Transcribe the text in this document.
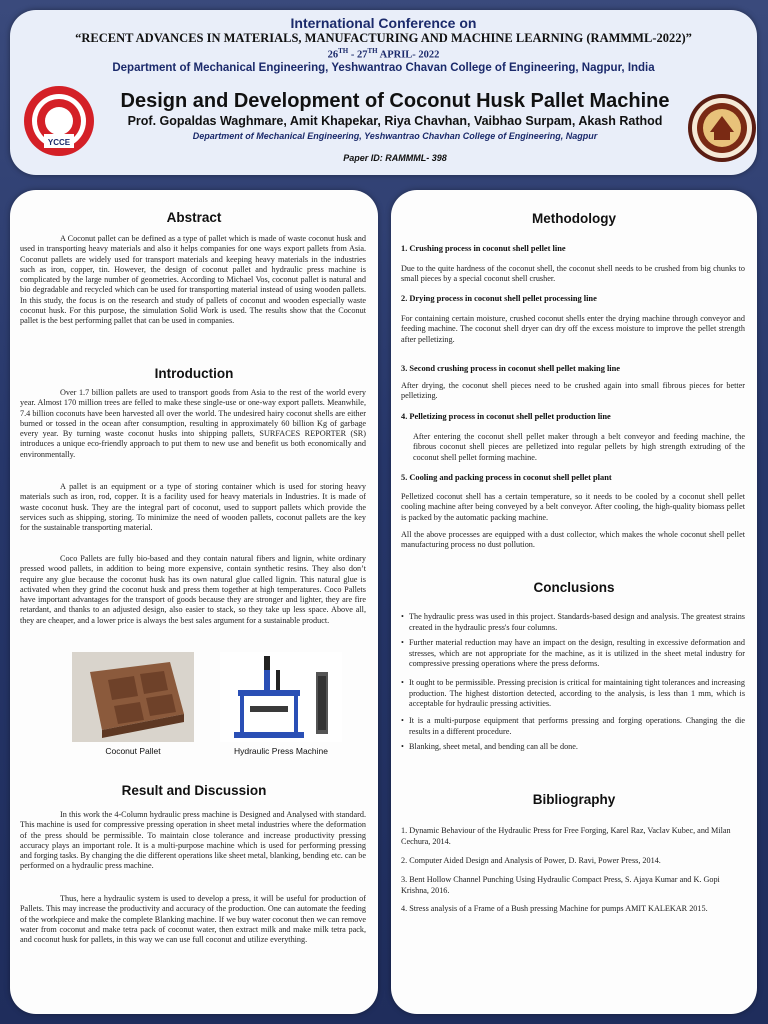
International Conference on
“RECENT ADVANCES IN MATERIALS, MANUFACTURING AND MACHINE LEARNING (RAMMML-2022)”
26TH - 27TH APRIL- 2022
Department of Mechanical Engineering, Yeshwantrao Chavan College of Engineering, Nagpur, India
YCCE
Design and Development of Coconut Husk Pallet Machine
Prof. Gopaldas Waghmare, Amit Khapekar, Riya Chavhan, Vaibhao Surpam, Akash Rathod
Department of Mechanical Engineering, Yeshwantrao Chavhan College of Engineering, Nagpur
Paper ID: RAMMML- 398
Abstract

A Coconut pallet can be defined as a type of pallet which is made of waste coconut husk and used in transporting heavy materials and also it helps companies for one ways export pallets from Asia. Coconut pallets are widely used for transport materials and keeping heavy materials in the industries such as iron, copper, tin. However, the design of coconut pallet and hydraulic press machine is complicated by the large number of geometries. According to Michael Vos, coconut pallet is natural and bio degradable and recycled which can be used for transporting material instead of using wooden pallets. In this study, the focus is on the research and study of pallets of coconut and wooden especially waste coconut husk. For this purpose, the simulation Solid Work is used. The results show that the Coconut pallet is the best performing pallet that can be used in companies.

Introduction

Over 1.7 billion pallets are used to transport goods from Asia to the rest of the world every year. Almost 170 million trees are felled to make these single-use or one-way export pallets. Meanwhile, 7.4 billion coconuts have been harvested all over the world. The undesired hairy coconut shells are either burned or tossed in the ocean after consumption, resulting in approximately 60 billion Kg of garbage every year. By turning waste coconut husks into shipping pallets, SURFACES REPORTER (SR) introduces a unique eco-friendly approach to put them to new use and benefit us both economically and environmentally.

A pallet is an equipment or a type of storing container which is used for storing heavy materials such as iron, rod, copper. It is a facility used for heavy materials in Industries. It is made of waste coconut husk. They are the integral part of coconut, used to support pallets which provide the services such as shipping, storing. To minimize the need of wooden pallets, coconut pallets are the key for the sustainable transporting material.

Coco Pallets are fully bio-based and they contain natural fibers and lignin, white ordinary pressed wood pallets, in addition to being more expensive, contain synthetic resins. They also don’t require any glue because the coconut husk has its own natural glue called lignin. This natural glue is activated when they grind the coconut husk and press them together at high temperatures. Coco Pallets have important advantages for the transport of goods because they are stronger and lighter, they are fire retardant, and thanks to an adjusted design, also easier to stack, so they take up less space. Above all, they are cheaper, and a lower price is always the best sales argument for a sustainable product.

Coconut Pallet	Hydraulic Press Machine
Result and Discussion

In this work the 4-Column hydraulic press machine is Designed and Analysed with standard. This machine is used for compressive pressing operation in sheet metal industries where the deformation of the press should be permissible. To maintain close tolerance and increase productivity pressing accuracy plays an important role. It is a multi-purpose machine which is used for performing pressing and forging tasks. By changing the die different operations like sheet metal, blanking, bending etc. can be performed on a hydraulic press machine.

Thus, here a hydraulic system is used to develop a press, it will be useful for production of Pallets. This may increase the productivity and accuracy of the production. One can automate the feeding of the workpiece and make the complete Blanking machine. If we buy water coconut then we can remove water from coconut and make tetra pack of coconut water, then extract milk and make milk tetra pack, and coconut husk for pallets, in this way we can use full coconut and utilize everything.

Methodology
1. Crushing process in coconut shell pellet line

Due to the quite hardness of the coconut shell, the coconut shell needs to be crushed from big chunks to small pieces by a special coconut shell crusher.

2. Drying process in coconut shell pellet processing line

For containing certain moisture, crushed coconut shells enter the drying machine through conveyor and feeding machine. The coconut shell dryer can dry off the excess moisture to improve the pellet strength after pelletizing.

3. Second crushing process in coconut shell pellet making line

After drying, the coconut shell pieces need to be crushed again into small fibrous pieces for better pelletizing.

4. Pelletizing process in coconut shell pellet production line

After entering the coconut shell pellet maker through a belt conveyor and feeding machine, the fibrous coconut shell pieces are pelletized into regular pellets by high strength extruding of the coconut shell pellet forming machine.

5. Cooling and packing process in coconut shell pellet plant

Pelletized coconut shell has a certain temperature, so it needs to be cooled by a coconut shell pellet cooling machine after being conveyed by a belt conveyor. After cooling, the high-quality biomass pellet is packed by the automatic packing machine.

All the above processes are equipped with a dust collector, which makes the whole coconut shell pellet manufacturing process no dust pollution.

Conclusions

• The hydraulic press was used in this project. Standards-based design and analysis. The greatest strains created in the hydraulic press's four columns.

• Further material reduction may have an impact on the design, resulting in excessive deformation and stresses, which are not appropriate for the machine, as it is utilized in the sheet metal industry for compressive pressing operations where the press deforms.

• It ought to be permissible. Pressing precision is critical for maintaining tight tolerances and increasing production. The highest distortion detected, according to the analysis, is less than 1 mm, which is acceptable for hydraulic pressing activities.

• It is a multi-purpose equipment that performs pressing and forging operations. Changing the die results in a different procedure.

• Blanking, sheet metal, and bending can all be done.

Bibliography

1. Dynamic Behaviour of the Hydraulic Press for Free Forging, Karel Raz, Vaclav Kubec, and Milan Cechura, 2014.

2. Computer Aided Design and Analysis of Power, D. Ravi, Power Press, 2014.

3. Bent Hollow Channel Punching Using Hydraulic Compact Press, S. Ajaya Kumar and K. Gopi Krishna, 2016.

4. Stress analysis of a Frame of a Bush pressing Machine for pumps AMIT KALEKAR 2015.
